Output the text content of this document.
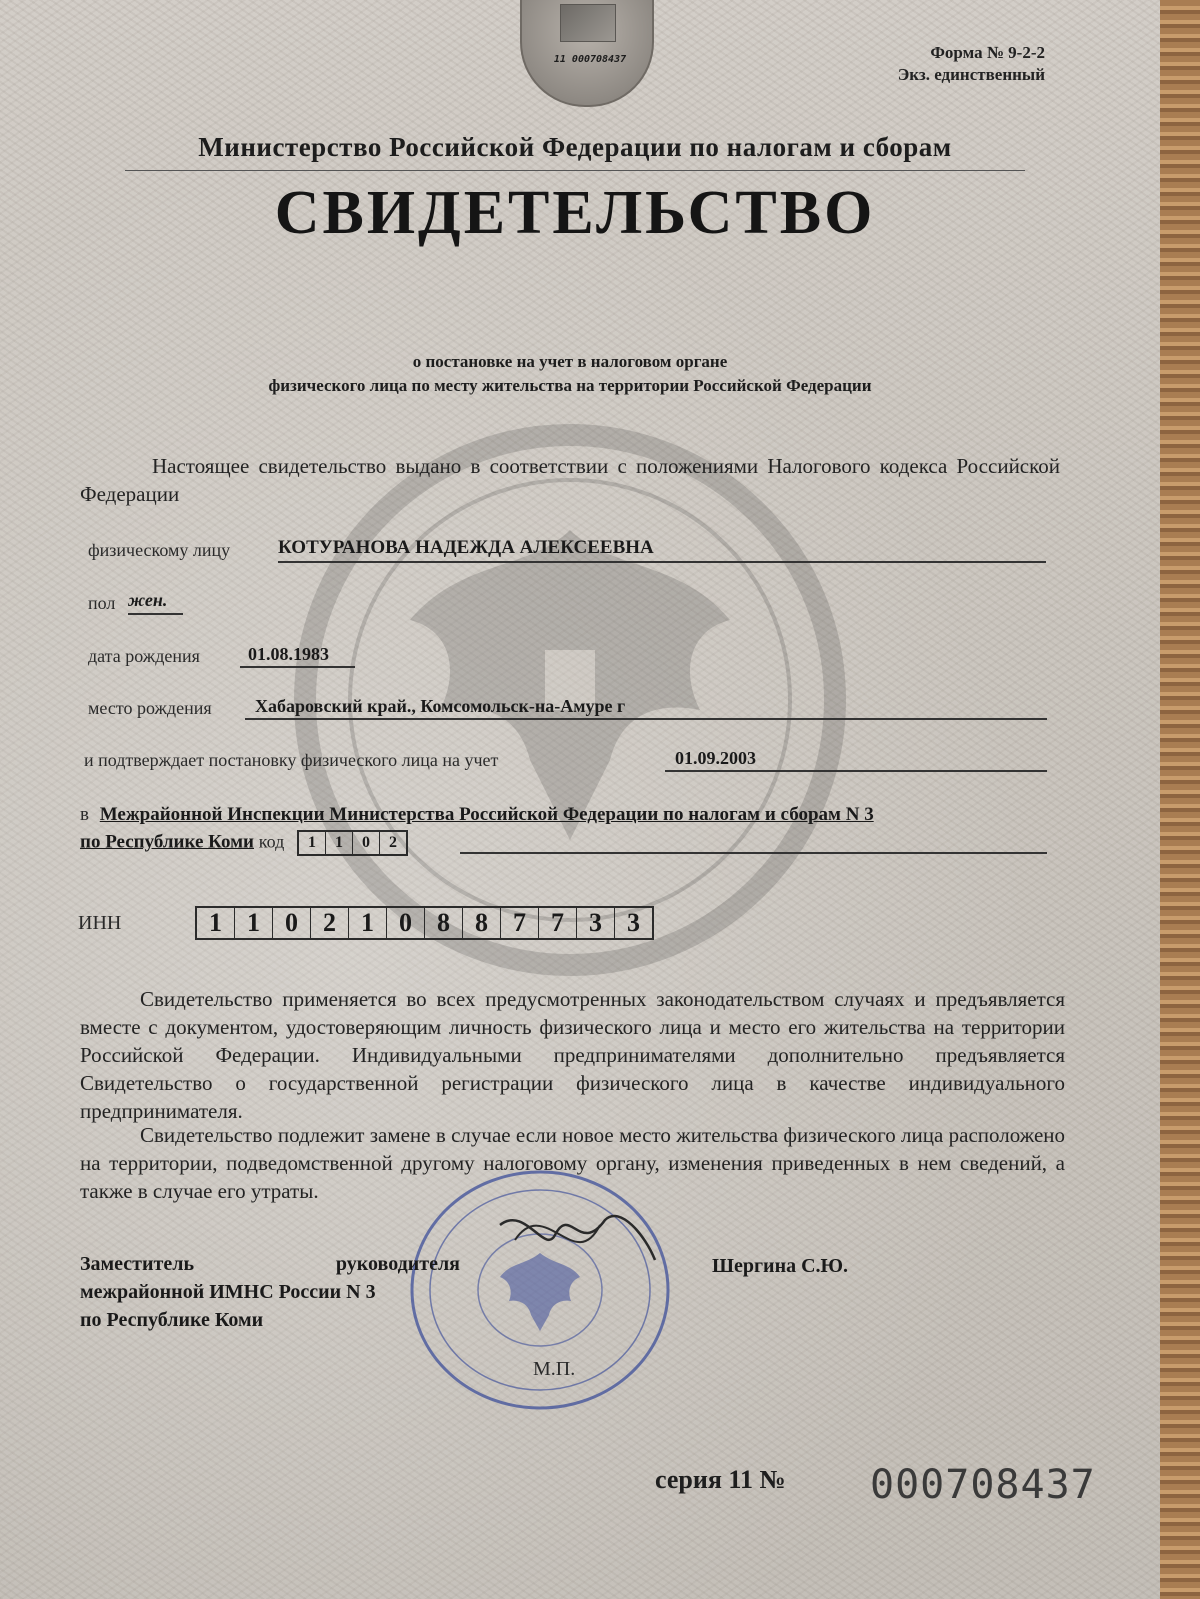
11 000708437	Форма № 9-2-2
Экз. единственный
Министерство Российской Федерации по налогам и сборам
СВИДЕТЕЛЬСТВО
о постановке на учет в налоговом органе
физического лица по месту жительства на территории Российской Федерации
Настоящее свидетельство выдано в соответствии с положениями Налогового кодекса Российской Федерации
физическому лицу	КОТУРАНОВА НАДЕЖДА АЛЕКСЕЕВНА
пол жен.
дата рождения	01.08.1983
место рождения Хабаровский край., Комсомольск-на-Амуре г
и подтверждает постановку физического лица на учет	01.09.2003
в Межрайонной Инспекции Министерства Российской Федерации по налогам и сборам N 3
по Республике Коми код	1	1	0	2
ИНН	1 1 0 2 1 0 8 8 7 7 3 3
Свидетельство применяется во всех предусмотренных законодательством случаях и предъявляется вместе с документом, удостоверяющим личность физического лица и место его жительства на территории Российской Федерации. Индивидуальными предпринимателями дополнительно предъявляется Свидетельство о государственной регистрации физического лица в качестве индивидуального предпринимателя.
Свидетельство подлежит замене в случае если новое место жительства физического лица расположено на территории, подведомственной другому налоговому органу, изменения приведенных в нем сведений, а также в случае его утраты.
Заместитель	руководителя
межрайонной ИМНС России N 3
по Республике Коми
Шергина С.Ю.
М.П.
серия 11 № 000708437
